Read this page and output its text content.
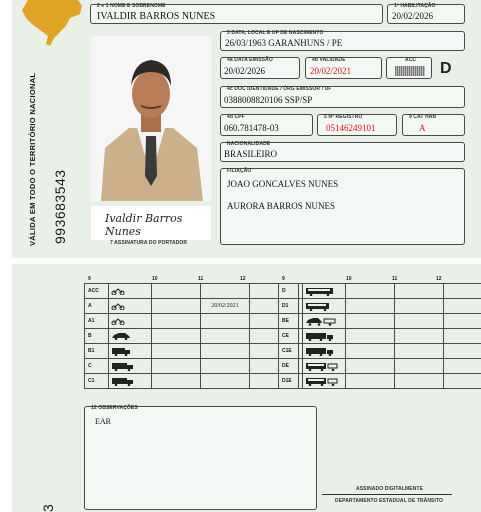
VÁLIDA EM TODO O TERRITÓRIO NACIONAL 993683543	Ivaldir Barros Nunes
7 ASSINATURA DO PORTADOR
2 e 1 NOME E SOBRENOME
IVALDIR BARROS NUNES
1ª HABILITAÇÃO
20/02/2026
3 DATA, LOCAL E UF DE NASCIMENTO
26/03/1963 GARANHUNS / PE
4a DATA EMISSÃO
20/02/2026
4b VALIDADE
20/02/2021
ACC D
4c DOC IDENTIDADE / ÓRG EMISSOR / UF
0388008820106 SSP/SP
4d CPF
060.781478-03
5 Nº REGISTRO
05146249101
9 CAT HAB
A
NACIONALIDADE
BRASILEIRO
FILIAÇÃO
JOAO GONCALVES NUNES
AURORA BARROS NUNES
9	10	11	12
ACC	

A			20/02/2021	
A1	

B	

B1	

C	

C1	

9	10	11	12
D	

D1	

BE	

CE	

C1E	

DE	

D1E	

12 OBSERVAÇÕES
EAR
ASSINADO DIGITALMENTE
DEPARTAMENTO ESTADUAL DE TRÂNSITO
3
